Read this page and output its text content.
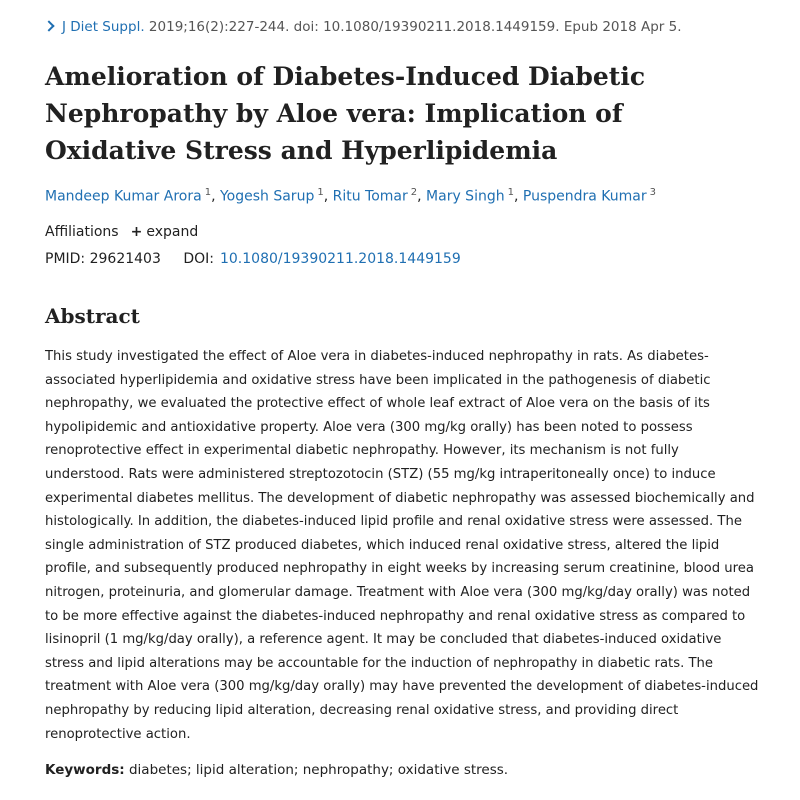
J Diet Suppl. 2019;16(2):227-244. doi: 10.1080/19390211.2018.1449159. Epub 2018 Apr 5.
Amelioration of Diabetes-Induced Diabetic Nephropathy by Aloe vera: Implication of Oxidative Stress and Hyperlipidemia
Mandeep Kumar Arora $^1$, Yogesh Sarup $^1$, Ritu Tomar $^2$, Mary Singh $^1$, Puspendra Kumar $^3$
Affiliations + expand
PMID: 29621403 DOI: 10.1080/19390211.2018.1449159
Abstract

This study investigated the effect of Aloe vera in diabetes-induced nephropathy in rats. As diabetes-associated hyperlipidemia and oxidative stress have been implicated in the pathogenesis of diabetic nephropathy, we evaluated the protective effect of whole leaf extract of Aloe vera on the basis of its hypolipidemic and antioxidative property. Aloe vera (300 mg/kg orally) has been noted to possess renoprotective effect in experimental diabetic nephropathy. However, its mechanism is not fully understood. Rats were administered streptozotocin (STZ) (55 mg/kg intraperitoneally once) to induce experimental diabetes mellitus. The development of diabetic nephropathy was assessed biochemically and histologically. In addition, the diabetes-induced lipid profile and renal oxidative stress were assessed. The single administration of STZ produced diabetes, which induced renal oxidative stress, altered the lipid profile, and subsequently produced nephropathy in eight weeks by increasing serum creatinine, blood urea nitrogen, proteinuria, and glomerular damage. Treatment with Aloe vera (300 mg/kg/day orally) was noted to be more effective against the diabetes-induced nephropathy and renal oxidative stress as compared to lisinopril (1 mg/kg/day orally), a reference agent. It may be concluded that diabetes-induced oxidative stress and lipid alterations may be accountable for the induction of nephropathy in diabetic rats. The treatment with Aloe vera (300 mg/kg/day orally) may have prevented the development of diabetes-induced nephropathy by reducing lipid alteration, decreasing renal oxidative stress, and providing direct renoprotective action.

Keywords: diabetes; lipid alteration; nephropathy; oxidative stress.
